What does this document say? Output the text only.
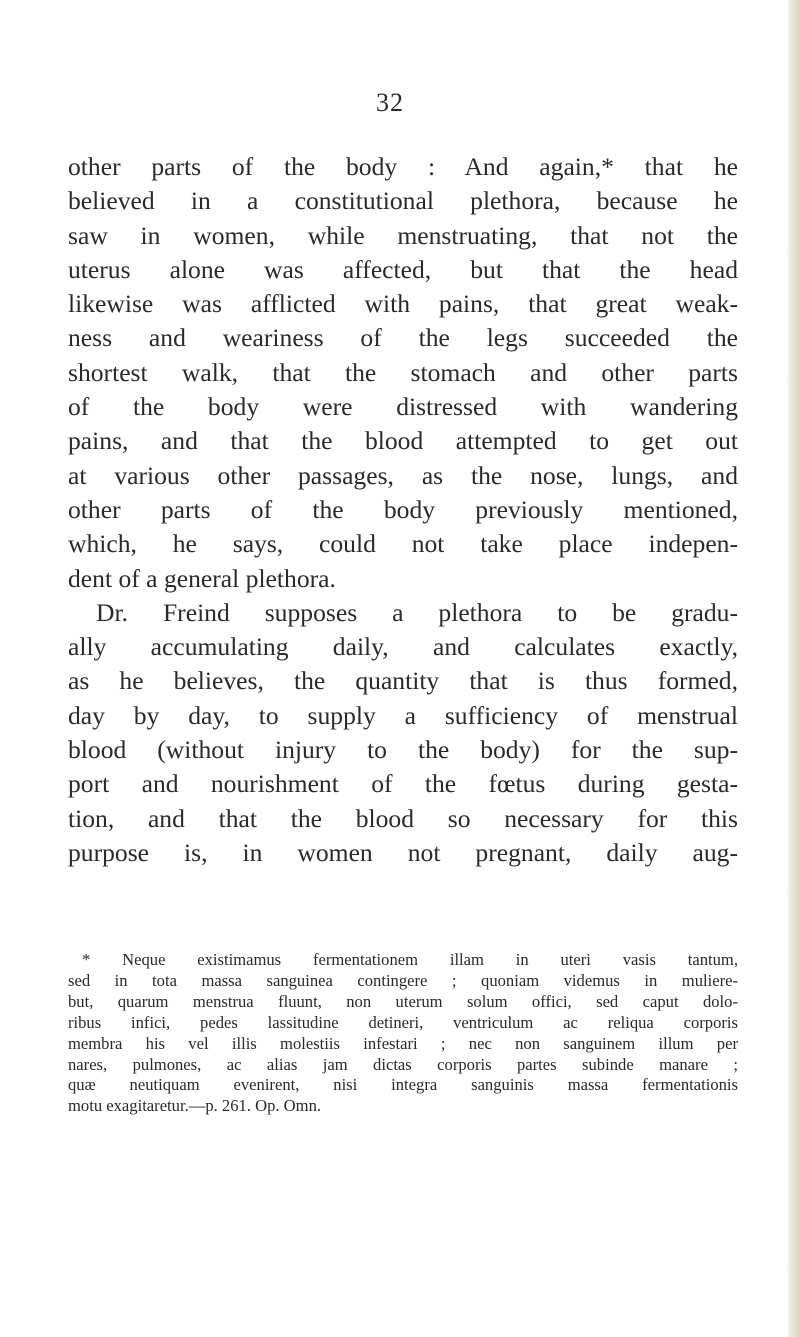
32
other parts of the body : And again,* that he
believed in a constitutional plethora, because he
saw in women, while menstruating, that not the
uterus alone was affected, but that the head
likewise was afflicted with pains, that great weak-
ness and weariness of the legs succeeded the
shortest walk, that the stomach and other parts
of the body were distressed with wandering
pains, and that the blood attempted to get out
at various other passages, as the nose, lungs, and
other parts of the body previously mentioned,
which, he says, could not take place indepen-
dent of a general plethora.
Dr. Freind supposes a plethora to be gradu-
ally accumulating daily, and calculates exactly,
as he believes, the quantity that is thus formed,
day by day, to supply a sufficiency of menstrual
blood (without injury to the body) for the sup-
port and nourishment of the fœtus during gesta-
tion, and that the blood so necessary for this
purpose is, in women not pregnant, daily aug-
* Neque existimamus fermentationem illam in uteri vasis tantum,
sed in tota massa sanguinea contingere ; quoniam videmus in muliere-
but, quarum menstrua fluunt, non uterum solum offici, sed caput dolo-
ribus infici, pedes lassitudine detineri, ventriculum ac reliqua corporis
membra his vel illis molestiis infestari ; nec non sanguinem illum per
nares, pulmones, ac alias jam dictas corporis partes subinde manare ;
quæ neutiquam evenirent, nisi integra sanguinis massa fermentationis
motu exagitaretur.—p. 261. Op. Omn.
